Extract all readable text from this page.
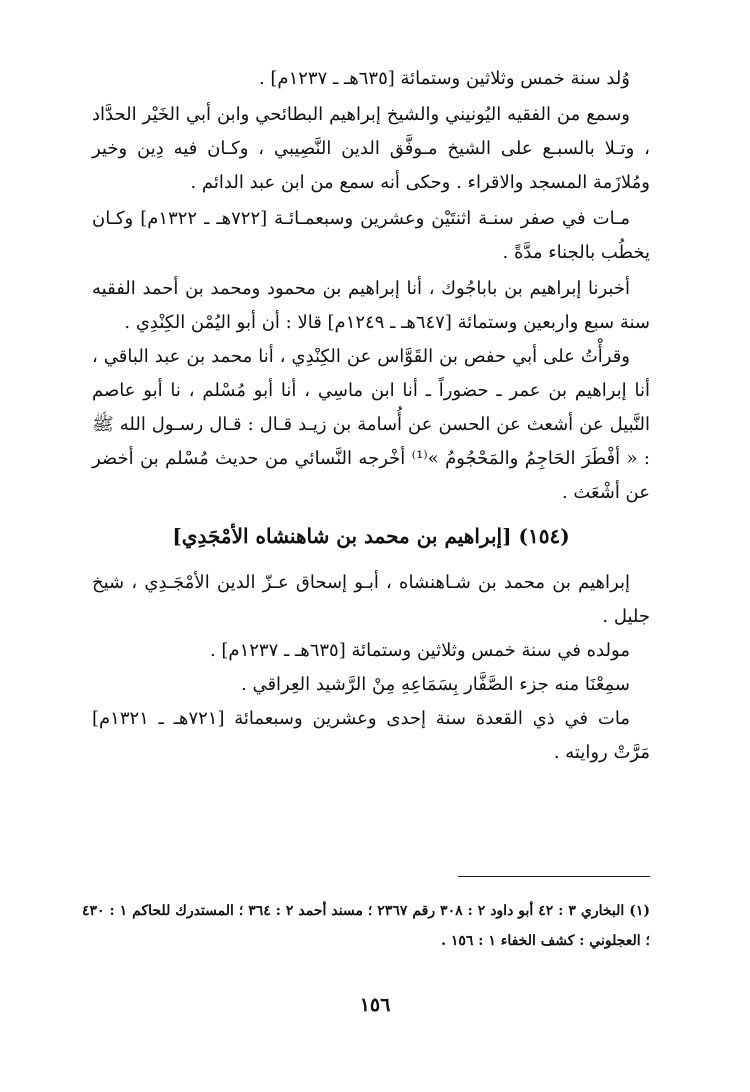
وُلد سنة خمس وثلاثين وستمائة [٦٣٥هـ ـ ١٢٣٧م] .

وسمع من الفقيه اليُونيني والشيخ إبراهيم البطائحي وابن أبي الخَيْر الحدَّاد ، وتـلا بالسبـع على الشيخ مـوفَّق الدين النَّصِيبي ، وكـان فيه دِين وخير ومُلازَمة المسجد والاقراء . وحكى أنه سمع من ابن عبد الدائم .

مـات في صفر سنـة اثنتَيْن وعشرين وسبعمـائـة [٧٢٢هـ ـ ١٣٢٢م] وكـان يخطُب بالجناء مدَّةً .

أخبرنا إبراهيم بن باباجُوك ، أنا إبراهيم بن محمود ومحمد بن أحمد الفقيه سنة سبع واربعين وستمائة [٦٤٧هـ ـ ١٢٤٩م] قالا : أن أبو اليُمْن الكِنْدِي .

وقرأْتُ على أبي حفص بن القَوَّاس عن الكِنْدِي ، أنا محمد بن عبد الباقي ، أنا إبراهيم بن عمر ـ حضوراً ـ أنا ابن ماسِي ، أنا أبو مُسْلم ، نا أبو عاصم النَّبيل عن أشعث عن الحسن عن أُسامة بن زيـد قـال : قـال رسـول الله ﷺ : « أفْطَرَ الحَاجِمُ والمَحْجُومُ »⁽¹⁾ أخْرجه النَّسائي من حديث مُسْلم بن أخضر عن أشْعَث .

(١٥٤) [إبراهيم بن محمد بن شاهنشاه الأمْجَدِي]

إبراهيم بن محمد بن شـاهنشاه ، أبـو إسحاق عـزّ الدين الأمْجَـدِي ، شيخ جليل .

مولده في سنة خمس وثلاثين وستمائة [٦٣٥هـ ـ ١٢٣٧م] .

سمِعْنَا منه جزء الصَّفَّار بِسَمَاعِهِ مِنْ الرَّشيد العِراقي .

مات في ذي القعدة سنة إحدى وعشرين وسبعمائة [٧٢١هـ ـ ١٣٢١م] مَرَّتْ روايته .

(١) البخاري ٣ : ٤٢ أبو داود ٢ : ٣٠٨ رقم ٢٣٦٧ ؛ مسند أحمد ٢ : ٣٦٤ ؛ المستدرك للحاكم ١ : ٤٣٠ ؛ العجلوني : كشف الخفاء ١ : ١٥٦ .

١٥٦
